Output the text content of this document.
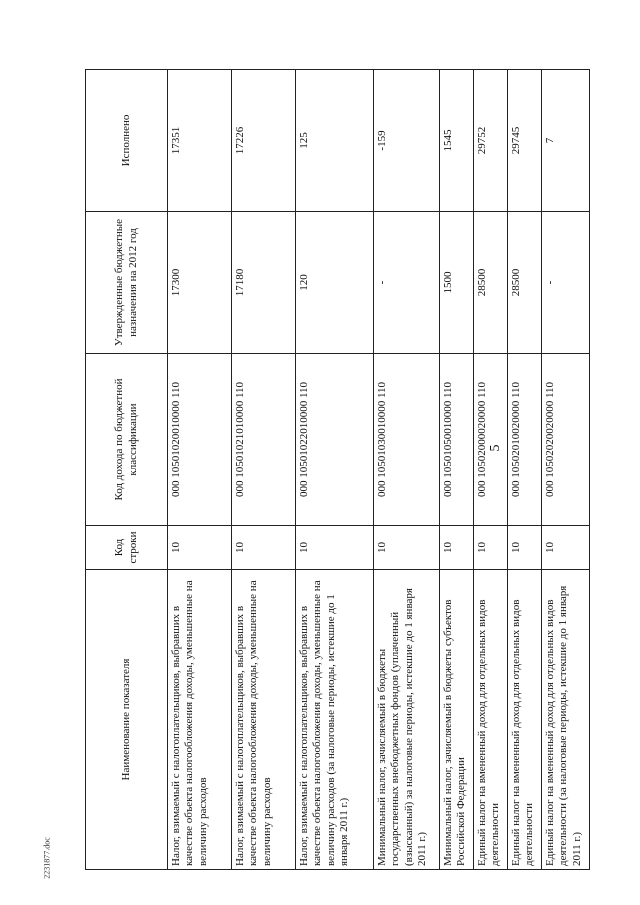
5
Наименование показателя	Код строки	Код дохода по бюджетной классификации	Утвержденные бюджетные назначения на 2012 год	Исполнено
Налог, взимаемый с налогоплательщиков, выбравших в качестве объекта налогообложения доходы, уменьшенные на величину расходов	10	000 10501020010000 110	17300	17351
Налог, взимаемый с налогоплательщиков, выбравших в качестве объекта налогообложения доходы, уменьшенные на величину расходов	10	000 10501021010000 110	17180	17226
Налог, взимаемый с налогоплательщиков, выбравших в качестве объекта налогообложения доходы, уменьшенные на величину расходов (за налоговые периоды, истекшие до 1 января 2011 г.)	10	000 10501022010000 110	120	125
Минимальный налог, зачисляемый в бюджеты государственных внебюджетных фондов (уплаченный (взысканный) за налоговые периоды, истекшие до 1 января 2011 г.)	10	000 10501030010000 110	-	-159
Минимальный налог, зачисляемый в бюджеты субъектов Российской Федерации	10	000 10501050010000 110	1500	1545
Единый налог на вмененный доход для отдельных видов деятельности	10	000 10502000020000 110	28500	29752
Единый налог на вмененный доход для отдельных видов деятельности	10	000 10502010020000 110	28500	29745
Единый налог на вмененный доход для отдельных видов деятельности (за налоговые периоды, истекшие до 1 января 2011 г.)	10	000 10502020020000 110	-	7
2231877.doc
